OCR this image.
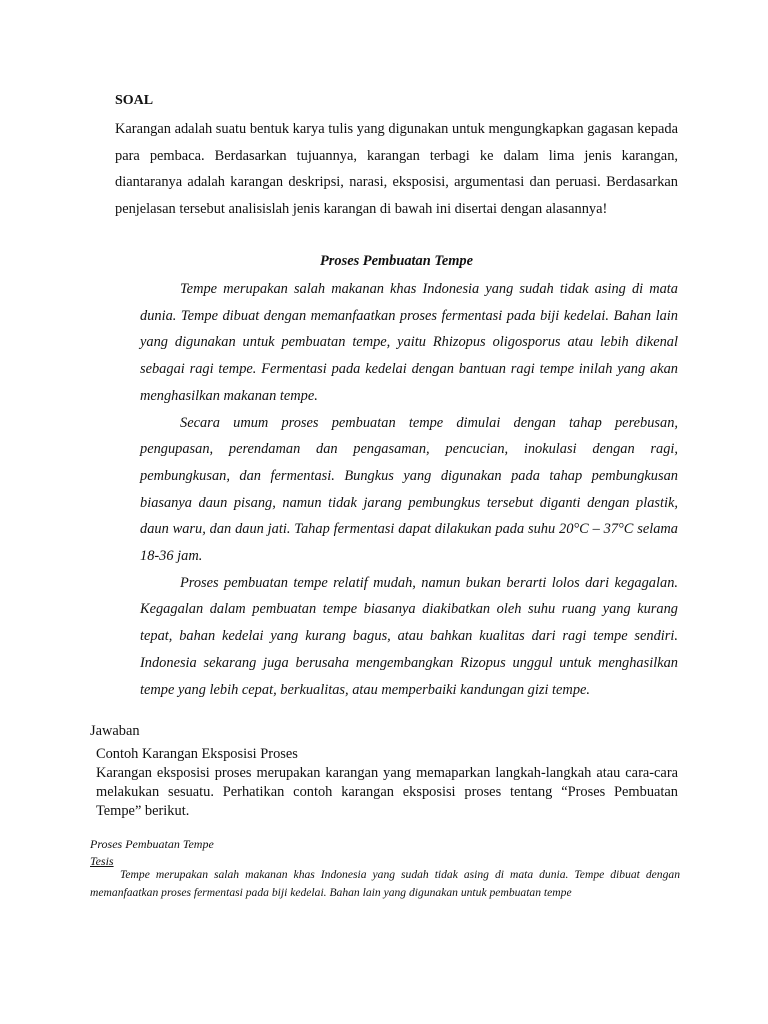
SOAL

Karangan adalah suatu bentuk karya tulis yang digunakan untuk mengungkapkan gagasan kepada para pembaca. Berdasarkan tujuannya, karangan terbagi ke dalam lima jenis karangan, diantaranya adalah karangan deskripsi, narasi, eksposisi, argumentasi dan peruasi. Berdasarkan penjelasan tersebut analisislah jenis karangan di bawah ini disertai dengan alasannya!

Proses Pembuatan Tempe

Tempe merupakan salah makanan khas Indonesia yang sudah tidak asing di mata dunia. Tempe dibuat dengan memanfaatkan proses fermentasi pada biji kedelai. Bahan lain yang digunakan untuk pembuatan tempe, yaitu Rhizopus oligosporus atau lebih dikenal sebagai ragi tempe. Fermentasi pada kedelai dengan bantuan ragi tempe inilah yang akan menghasilkan makanan tempe.

Secara umum proses pembuatan tempe dimulai dengan tahap perebusan, pengupasan, perendaman dan pengasaman, pencucian, inokulasi dengan ragi, pembungkusan, dan fermentasi. Bungkus yang digunakan pada tahap pembungkusan biasanya daun pisang, namun tidak jarang pembungkus tersebut diganti dengan plastik, daun waru, dan daun jati. Tahap fermentasi dapat dilakukan pada suhu 20°C – 37°C selama 18-36 jam.

Proses pembuatan tempe relatif mudah, namun bukan berarti lolos dari kegagalan. Kegagalan dalam pembuatan tempe biasanya diakibatkan oleh suhu ruang yang kurang tepat, bahan kedelai yang kurang bagus, atau bahkan kualitas dari ragi tempe sendiri. Indonesia sekarang juga berusaha mengembangkan Rizopus unggul untuk menghasilkan tempe yang lebih cepat, berkualitas, atau memperbaiki kandungan gizi tempe.

Jawaban

Contoh Karangan Eksposisi Proses

Karangan eksposisi proses merupakan karangan yang memaparkan langkah-langkah atau cara-cara melakukan sesuatu. Perhatikan contoh karangan eksposisi proses tentang “Proses Pembuatan Tempe” berikut.

Proses Pembuatan Tempe

Tesis

Tempe merupakan salah makanan khas Indonesia yang sudah tidak asing di mata dunia. Tempe dibuat dengan memanfaatkan proses fermentasi pada biji kedelai. Bahan lain yang digunakan untuk pembuatan tempe
